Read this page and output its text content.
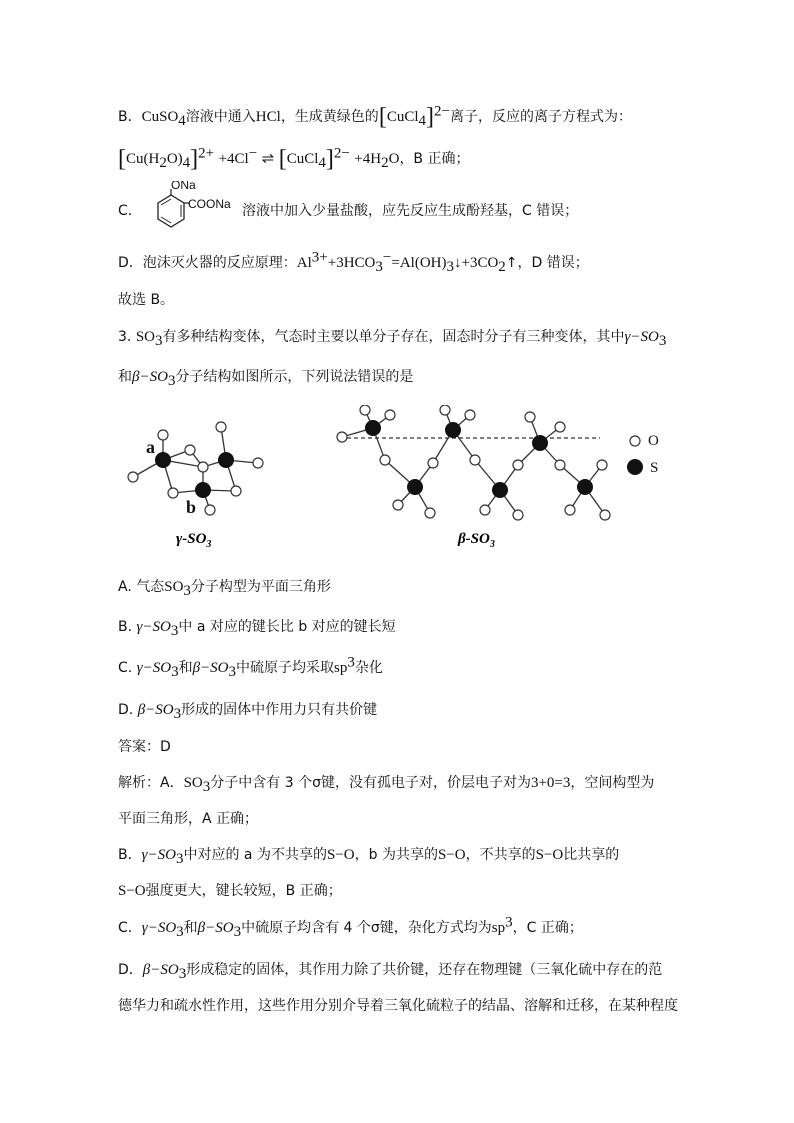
B．CuSO$_4$溶液中通入HCl，生成黄绿色的[CuCl$_4$]$^{2-}$离子，反应的离子方程式为：
$[Cu(H_2O)_4]^{2+} +4Cl^-$ ⇌ [CuCl$_4$]$^{2-}$ $+4H_2O$，B 正确；
C．
ONa
COONa 溶液中加入少量盐酸，应先反应生成酚羟基，C 错误；
D．泡沫灭火器的反应原理：$Al^{3+}+3HCO_3^-=Al(OH)_3↓+3CO_2↑$，D 错误；
故选 B。
3. $SO_3$有多种结构变体，气态时主要以单分子存在，固态时分子有三种变体，其中$\gamma-SO_3$
和$\beta-SO_3$分子结构如图所示，下列说法错误的是
a
b
$\gamma-SO_3$
O
S
$\beta-SO_3$
A. 气态$SO_3$分子构型为平面三角形
B. $\gamma-SO_3$中 a 对应的键长比 b 对应的键长短
C. $\gamma-SO_3$和$\beta-SO_3$中硫原子均采取$sp^3$杂化
D. $\beta-SO_3$形成的固体中作用力只有共价键
答案：D
解析：A．$SO_3$分子中含有 3 个σ键，没有孤电子对，价层电子对为3+0=3，空间构型为
平面三角形，A 正确；
B．$\gamma-SO_3$中对应的 a 为不共享的S−O，b 为共享的S−O，不共享的S−O比共享的
S−O强度更大，键长较短，B 正确；
C．$\gamma-SO_3$和$\beta-SO_3$中硫原子均含有 4 个σ键，杂化方式均为$sp^3$，C 正确；
D．$\beta-SO_3$形成稳定的固体，其作用力除了共价键，还存在物理键（三氧化硫中存在的范
德华力和疏水性作用，这些作用分别介导着三氧化硫粒子的结晶、溶解和迁移，在某种程度
